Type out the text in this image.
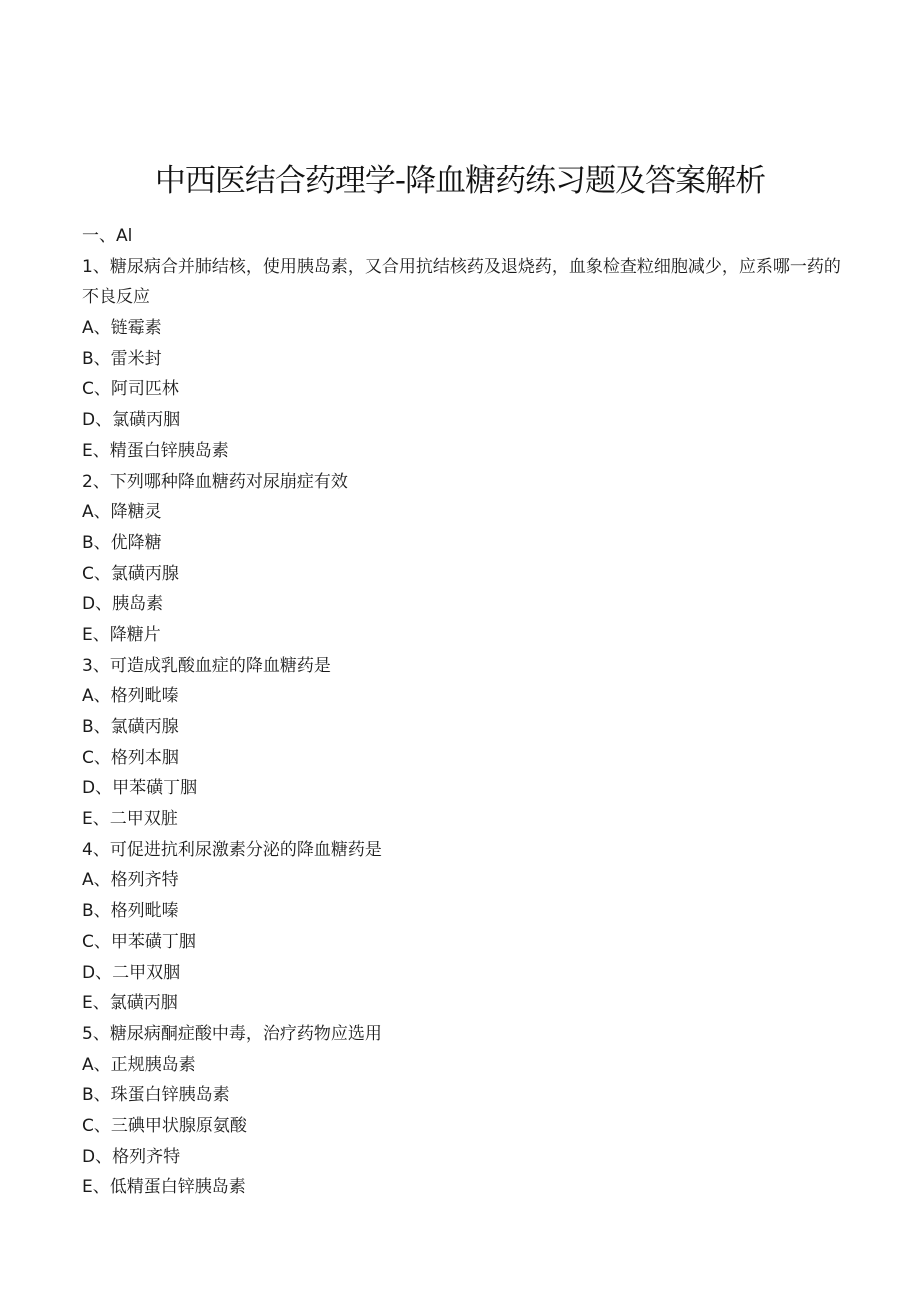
中西医结合药理学-降血糖药练习题及答案解析
一、Al
1、糖尿病合并肺结核，使用胰岛素，又合用抗结核药及退烧药，血象检查粒细胞减少，应系哪一药的不良反应
A、链霉素
B、雷米封
C、阿司匹林
D、氯磺丙胭
E、精蛋白锌胰岛素
2、下列哪种降血糖药对尿崩症有效
A、降糖灵
B、优降糖
C、氯磺丙腺
D、胰岛素
E、降糖片
3、可造成乳酸血症的降血糖药是
A、格列毗嗪
B、氯磺丙腺
C、格列本胭
D、甲苯磺丁胭
E、二甲双脏
4、可促进抗利尿激素分泌的降血糖药是
A、格列齐特
B、格列毗嗪
C、甲苯磺丁胭
D、二甲双胭
E、氯磺丙胭
5、糖尿病酮症酸中毒，治疗药物应选用
A、正规胰岛素
B、珠蛋白锌胰岛素
C、三碘甲状腺原氨酸
D、格列齐特
E、低精蛋白锌胰岛素
